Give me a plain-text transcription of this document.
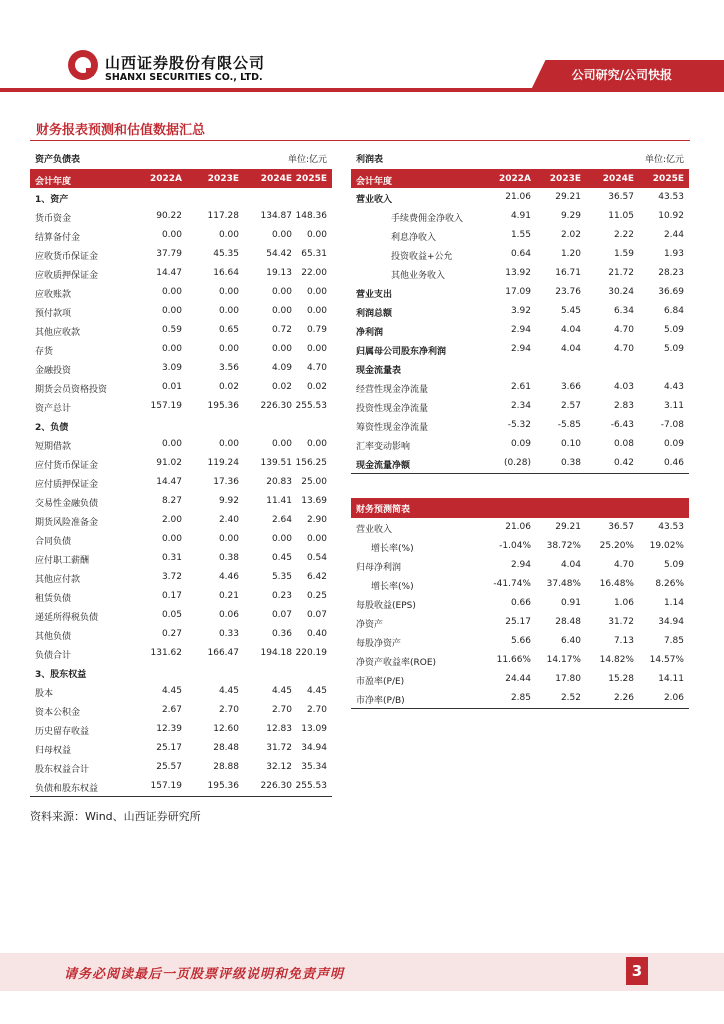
山西证券股份有限公司
SHANXI SECURITIES CO., LTD.	公司研究/公司快报
财务报表预测和估值数据汇总
资产负债表	单位:亿元
会计年度	2022A	2023E 2024E 2025E
1、资产
货币资金	90.22	117.28 134.87 148.36
结算备付金	0.00	0.00	0.00 0.00
应收货币保证金	37.79	45.35	54.42 65.31
应收质押保证金	14.47	16.64	19.13 22.00
应收账款	0.00	0.00	0.00 0.00
预付款项	0.00	0.00	0.00 0.00
其他应收款	0.59	0.65	0.72 0.79
存货	0.00	0.00	0.00 0.00
金融投资	3.09	3.56	4.09 4.70
期货会员资格投资	0.01	0.02	0.02 0.02
资产总计	157.19	195.36 226.30 255.53
2、负债
短期借款	0.00	0.00	0.00 0.00
应付货币保证金	91.02	119.24 139.51 156.25
应付质押保证金	14.47	17.36	20.83 25.00
交易性金融负债	8.27	9.92	11.41 13.69
期货风险准备金	2.00	2.40	2.64 2.90
合同负债	0.00	0.00	0.00 0.00
应付职工薪酬	0.31	0.38	0.45 0.54
其他应付款	3.72	4.46	5.35 6.42
租赁负债	0.17	0.21	0.23 0.25
递延所得税负债	0.05	0.06	0.07 0.07
其他负债	0.27	0.33	0.36 0.40
负债合计	131.62	166.47 194.18 220.19
3、股东权益
股本	4.45	4.45	4.45 4.45
资本公积金	2.67	2.70	2.70 2.70
历史留存收益	12.39	12.60	12.83 13.09
归母权益	25.17	28.48	31.72 34.94
股东权益合计	25.57	28.88	32.12 35.34
负债和股东权益	157.19	195.36 226.30 255.53
利润表	单位:亿元
会计年度	2022A 2023E 2024E 2025E
营业收入	21.06	29.21	36.57	43.53
手续费佣金净收入	4.91	9.29	11.05	10.92
利息净收入	1.55	2.02	2.22	2.44
投资收益+公允	0.64	1.20	1.59	1.93
其他业务收入	13.92	16.71	21.72	28.23
营业支出	17.09	23.76	30.24	36.69
利润总额	3.92	5.45	6.34	6.84
净利润	2.94	4.04	4.70	5.09
归属母公司股东净利润	2.94	4.04	4.70	5.09
现金流量表
经营性现金净流量	2.61	3.66	4.03	4.43
投资性现金净流量	2.34	2.57	2.83	3.11
筹资性现金净流量	-5.32	-5.85	-6.43	-7.08
汇率变动影响	0.09	0.10	0.08	0.09
现金流量净额	(0.28)	0.38	0.42	0.46
财务预测简表
营业收入	21.06	29.21	36.57	43.53
增长率(%)	-1.04% 38.72% 25.20% 19.02%
归母净利润	2.94	4.04	4.70	5.09
增长率(%)	-41.74% 37.48% 16.48% 8.26%
每股收益(EPS)	0.66	0.91	1.06	1.14
净资产	25.17	28.48	31.72	34.94
每股净资产	5.66	6.40	7.13	7.85
净资产收益率(ROE)	11.66% 14.17% 14.82% 14.57%
市盈率(P/E)	24.44	17.80	15.28	14.11
市净率(P/B)	2.85	2.52	2.26	2.06
资料来源：Wind、山西证券研究所
请务必阅读最后一页股票评级说明和免责声明	3
